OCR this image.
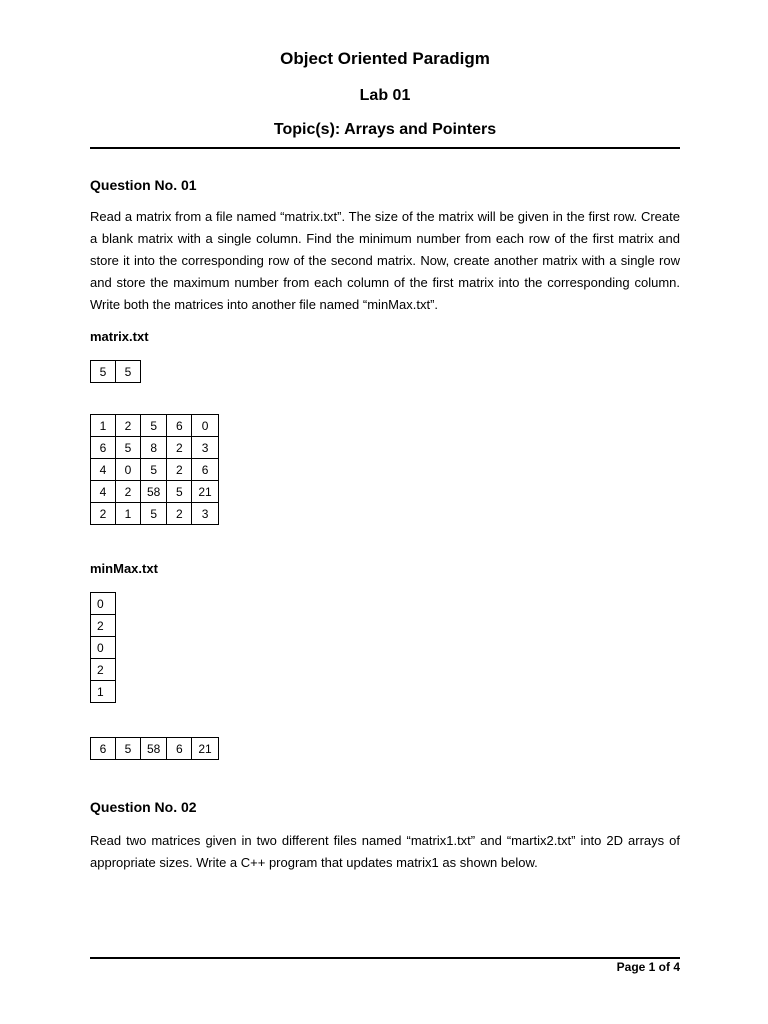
Object Oriented Paradigm
Lab 01
Topic(s): Arrays and Pointers
Question No. 01

Read a matrix from a file named “matrix.txt”. The size of the matrix will be given in the first row. Create a blank matrix with a single column. Find the minimum number from each row of the first matrix and store it into the corresponding row of the second matrix. Now, create another matrix with a single row and store the maximum number from each column of the first matrix into the corresponding column. Write both the matrices into another file named “minMax.txt”.

matrix.txt
5	5
1	2	5	6	0
6	5	8	2	3
4	0	5	2	6
4	2	58	5	21
2	1	5	2	3
minMax.txt
0
2
0
2
1
6	5	58	6	21
Question No. 02

Read two matrices given in two different files named “matrix1.txt” and “martix2.txt” into 2D arrays of appropriate sizes. Write a C++ program that updates matrix1 as shown below.

Page 1 of 4
